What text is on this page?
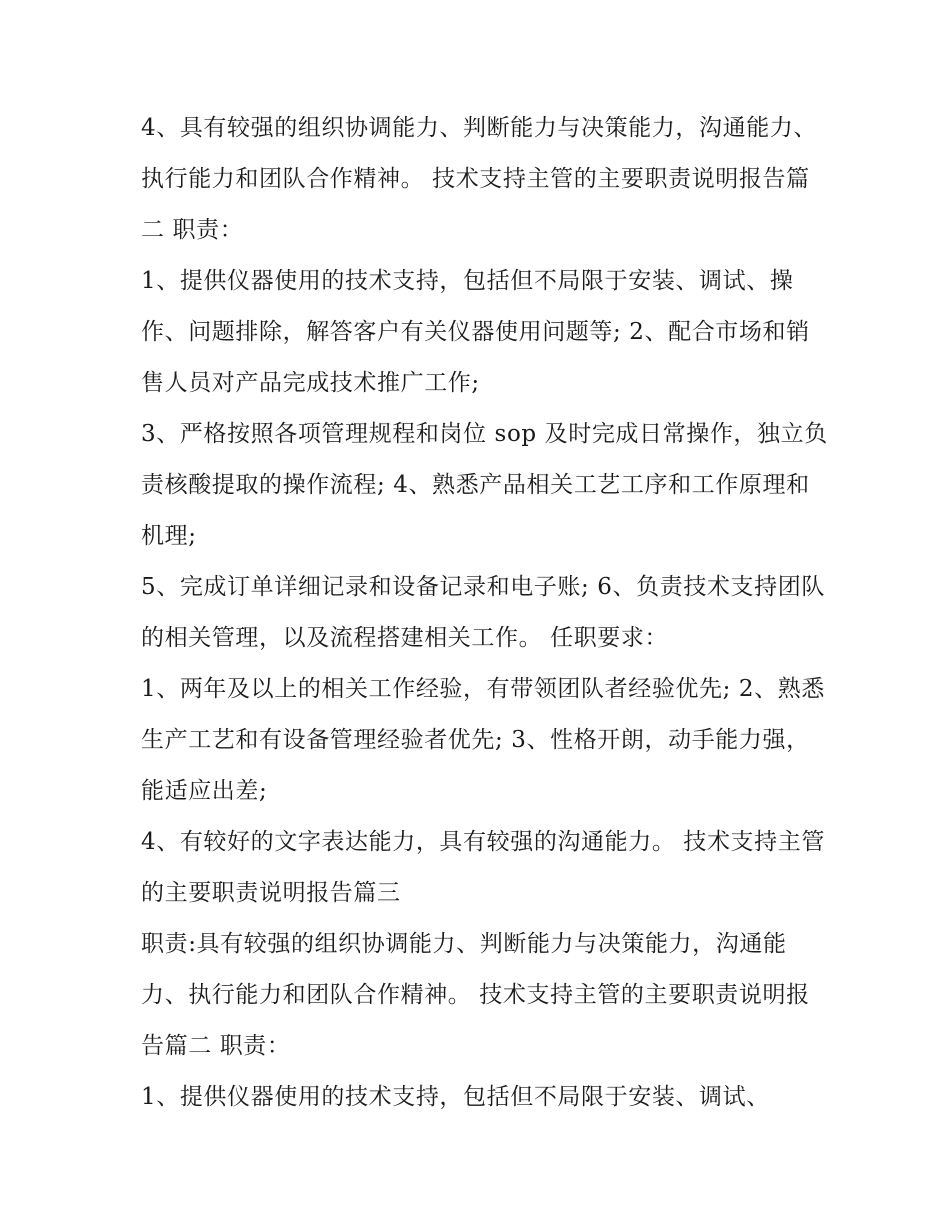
4、具有较强的组织协调能力、判断能力与决策能力，沟通能力、执行能力和团队合作精神。 技术支持主管的主要职责说明报告篇二 职责：

1、提供仪器使用的技术支持，包括但不局限于安装、调试、操作、问题排除，解答客户有关仪器使用问题等; 2、配合市场和销售人员对产品完成技术推广工作;

3、严格按照各项管理规程和岗位 sop 及时完成日常操作，独立负责核酸提取的操作流程; 4、熟悉产品相关工艺工序和工作原理和机理;

5、完成订单详细记录和设备记录和电子账; 6、负责技术支持团队的相关管理，以及流程搭建相关工作。 任职要求：

1、两年及以上的相关工作经验，有带领团队者经验优先; 2、熟悉生产工艺和有设备管理经验者优先; 3、性格开朗，动手能力强，能适应出差;

4、有较好的文字表达能力，具有较强的沟通能力。 技术支持主管的主要职责说明报告篇三

职责:具有较强的组织协调能力、判断能力与决策能力，沟通能力、执行能力和团队合作精神。 技术支持主管的主要职责说明报告篇二 职责：

1、提供仪器使用的技术支持，包括但不局限于安装、调试、
